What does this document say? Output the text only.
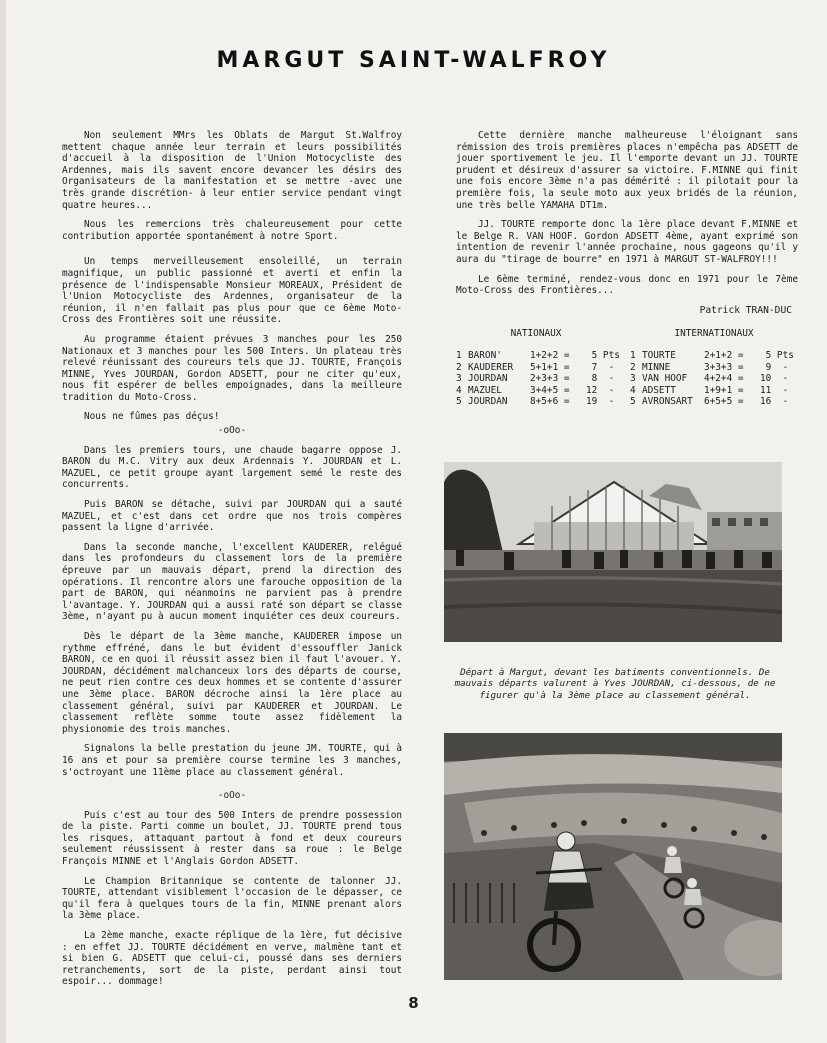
MARGUT SAINT-WALFROY

Non seulement MMrs les Oblats de Margut St.Walfroy mettent chaque année leur terrain et leurs possibilités d'accueil à la disposition de l'Union Motocycliste des Ardennes, mais ils savent encore devancer les désirs des Organisateurs de la manifestation et se mettre -avec une très grande discrétion- à leur entier service pendant vingt quatre heures...

Nous les remercions très chaleureusement pour cette contribution apportée spontanément à notre Sport.

Un temps merveilleusement ensoleillé, un terrain magnifique, un public passionné et averti et enfin la présence de l'indispensable Monsieur MOREAUX, Président de l'Union Motocycliste des Ardennes, organisateur de la réunion, il n'en fallait pas plus pour que ce 6ème Moto-Cross des Frontières soit une réussite.

Au programme étaient prévues 3 manches pour les 250 Nationaux et 3 manches pour les 500 Inters. Un plateau très relevé réunissant des coureurs tels que JJ. TOURTE, François MINNE, Yves JOURDAN, Gordon ADSETT, pour ne citer qu'eux, nous fit espérer de belles empoignades, dans la meilleure tradition du Moto-Cross.

Nous ne fûmes pas déçus!

-oOo-

Dans les premiers tours, une chaude bagarre oppose J. BARON du M.C. Vitry aux deux Ardennais Y. JOURDAN et L. MAZUEL, ce petit groupe ayant largement semé le reste des concurrents.

Puis BARON se détache, suivi par JOURDAN qui a sauté MAZUEL, et c'est dans cet ordre que nos trois compères passent la ligne d'arrivée.

Dans la seconde manche, l'excellent KAUDERER, relégué dans les profondeurs du classement lors de la première épreuve par un mauvais départ, prend la direction des opérations. Il rencontre alors une farouche opposition de la part de BARON, qui néanmoins ne parvient pas à prendre l'avantage. Y. JOURDAN qui a aussi raté son départ se classe 3ème, n'ayant pu à aucun moment inquiéter ces deux coureurs.

Dès le départ de la 3ème manche, KAUDERER impose un rythme effréné, dans le but évident d'essouffler Janick BARON, ce en quoi il réussit assez bien il faut l'avouer. Y. JOURDAN, décidément malchanceux lors des départs de course, ne peut rien contre ces deux hommes et se contente d'assurer une 3ème place. BARON décroche ainsi la 1ère place au classement général, suivi par KAUDERER et JOURDAN. Le classement reflète somme toute assez fidèlement la physionomie des trois manches.

Signalons la belle prestation du jeune JM. TOURTE, qui à 16 ans et pour sa première course termine les 3 manches, s'octroyant une 11ème place au classement général.

-oOo-

Puis c'est au tour des 500 Inters de prendre possession de la piste. Parti comme un boulet, JJ. TOURTE prend tous les risques, attaquant partout à fond et deux coureurs seulement réussissent à rester dans sa roue : le Belge François MINNE et l'Anglais Gordon ADSETT.

Le Champion Britannique se contente de talonner JJ. TOURTE, attendant visiblement l'occasion de le dépasser, ce qu'il fera à quelques tours de la fin, MINNE prenant alors la 3ème place.

La 2ème manche, exacte réplique de la 1ère, fut décisive : en effet JJ. TOURTE décidément en verve, malmène tant et si bien G. ADSETT que celui-ci, poussé dans ses derniers retranchements, sort de la piste, perdant ainsi tout espoir... dommage!

Cette dernière manche malheureuse l'éloignant sans rémission des trois premières places n'empêcha pas ADSETT de jouer sportivement le jeu. Il l'emporte devant un JJ. TOURTE prudent et désireux d'assurer sa victoire. F.MINNE qui finit une fois encore 3ème n'a pas démérité : il pilotait pour la première fois, la seule moto aux yeux bridés de la réunion, une très belle YAMAHA DT1m.

JJ. TOURTE remporte donc la 1ère place devant F.MINNE et le Belge R. VAN HOOF. Gordon ADSETT 4ème, ayant exprimé son intention de revenir l'année prochaine, nous gageons qu'il y aura du "tirage de bourre" en 1971 à MARGUT ST-WALFROY!!!

Le 6ème terminé, rendez-vous donc en 1971 pour le 7ème Moto-Cross des Frontières...

Patrick TRAN-DUC
NATIONAUX
1 BARON'	1+2+2 =	5 Pts
2 KAUDERER	5+1+1 =	7  -
3 JOURDAN	2+3+3 =	8  -
4 MAZUEL	3+4+5 =	12  -
5 JOURDAN	8+5+6 =	19  -
INTERNATIONAUX
1 TOURTE	2+1+2 =	5 Pts
2 MINNE	3+3+3 =	9  -
3 VAN HOOF	4+2+4 =	10  -
4 ADSETT	1+9+1 =	11  -
5 AVRONSART	6+5+5 =	16  -
Départ à Margut, devant les batiments conventionnels. De mauvais départs valurent à Yves JOURDAN, ci-dessous, de ne figurer qu'à la 3ème place au classement général.
8
